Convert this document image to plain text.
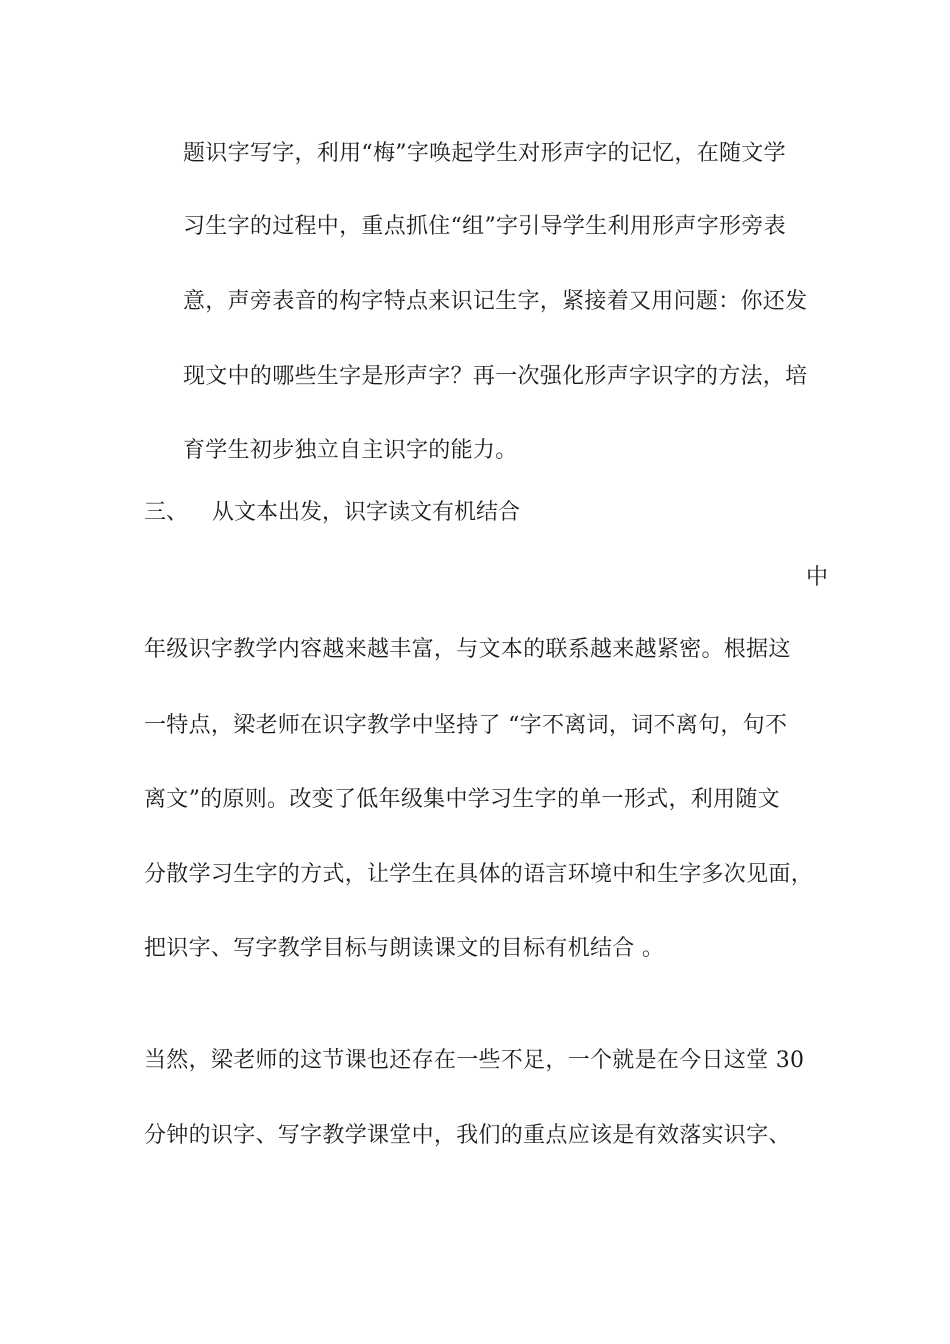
题识字写字，利用“梅”字唤起学生对形声字的记忆，在随文学
习生字的过程中，重点抓住“组”字引导学生利用形声字形旁表
意，声旁表音的构字特点来识记生字，紧接着又用问题：你还发
现文中的哪些生字是形声字？再一次强化形声字识字的方法，培
育学生初步独立自主识字的能力。
三、 从文本出发，识字读文有机结合
中
年级识字教学内容越来越丰富，与文本的联系越来越紧密。根据这
一特点，梁老师在识字教学中坚持了 “字不离词，词不离句，句不
离文”的原则。改变了低年级集中学习生字的单一形式，利用随文
分散学习生字的方式，让学生在具体的语言环境中和生字多次见面，
把识字、写字教学目标与朗读课文的目标有机结合 。
当然，梁老师的这节课也还存在一些不足，一个就是在今日这堂 30
分钟的识字、写字教学课堂中，我们的重点应该是有效落实识字、
